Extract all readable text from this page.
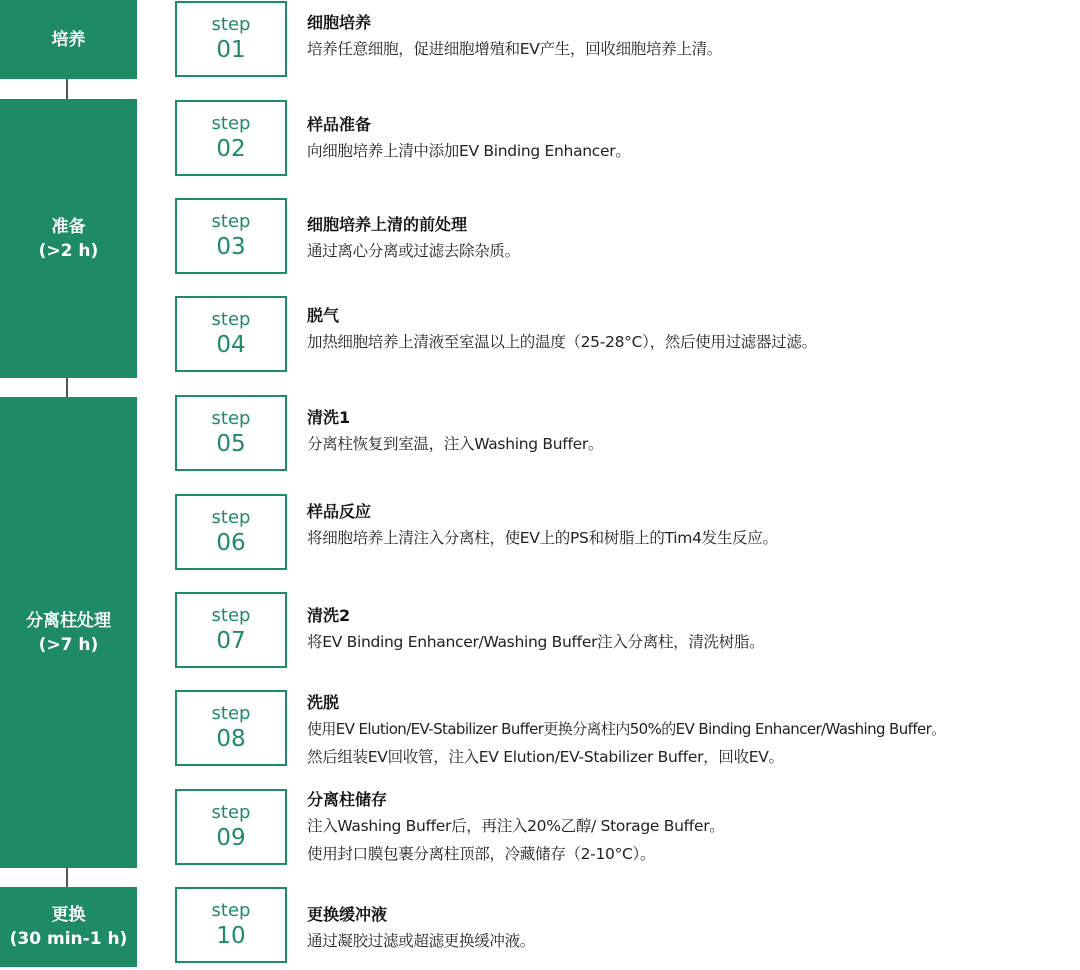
培养
准备
(>2 h)
分离柱处理
(>7 h)
更换
(30 min-1 h)
step
01
细胞培养
培养任意细胞，促进细胞增殖和EV产生，回收细胞培养上清。
step
02
样品准备
向细胞培养上清中添加EV Binding Enhancer。
step
03
细胞培养上清的前处理
通过离心分离或过滤去除杂质。
step
04
脱气
加热细胞培养上清液至室温以上的温度（25-28°C），然后使用过滤器过滤。
step
05
清洗1
分离柱恢复到室温，注入Washing Buffer。
step
06
样品反应
将细胞培养上清注入分离柱，使EV上的PS和树脂上的Tim4发生反应。
step
07
清洗2
将EV Binding Enhancer/Washing Buffer注入分离柱，清洗树脂。
step
08
洗脱
使用EV Elution/EV-Stabilizer Buffer更换分离柱内50%的EV Binding Enhancer/Washing Buffer。
然后组装EV回收管，注入EV Elution/EV-Stabilizer Buffer，回收EV。
step
09
分离柱储存
注入Washing Buffer后，再注入20%乙醇/ Storage Buffer。
使用封口膜包裹分离柱顶部，冷藏储存（2-10°C）。
step
10
更换缓冲液
通过凝胶过滤或超滤更换缓冲液。
